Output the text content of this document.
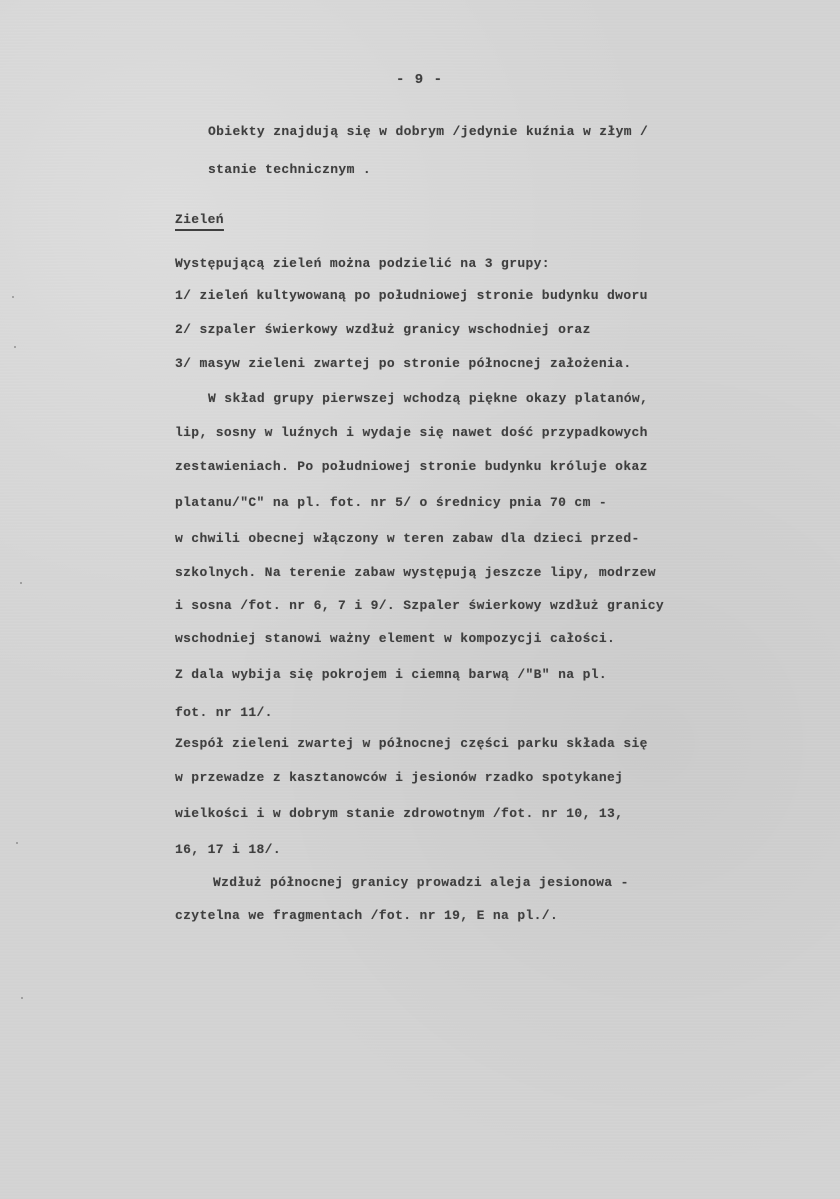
- 9 -
Obiekty znajdują się w dobrym /jedynie kuźnia w złym /
stanie technicznym .
Zieleń
Występującą zieleń można podzielić na 3 grupy:
1/ zieleń kultywowaną po południowej stronie budynku dworu
2/ szpaler świerkowy wzdłuż granicy wschodniej oraz
3/ masyw zieleni zwartej po stronie północnej założenia.
W skład grupy pierwszej wchodzą piękne okazy platanów,
lip, sosny w luźnych i wydaje się nawet dość przypadkowych
zestawieniach. Po południowej stronie budynku króluje okaz
platanu/"C" na pl. fot. nr 5/ o średnicy pnia 70 cm -
w chwili obecnej włączony w teren zabaw dla dzieci przed-
szkolnych. Na terenie zabaw występują jeszcze lipy, modrzew
i sosna /fot. nr 6, 7 i 9/. Szpaler świerkowy wzdłuż granicy
wschodniej stanowi ważny element w kompozycji całości.
Z dala wybija się pokrojem i ciemną barwą /"B" na pl.
fot. nr 11/.
Zespół zieleni zwartej w północnej części parku składa się
w przewadze z kasztanowców i jesionów rzadko spotykanej
wielkości i w dobrym stanie zdrowotnym /fot. nr 10, 13,
16, 17 i 18/.
Wzdłuż północnej granicy prowadzi aleja jesionowa -
czytelna we fragmentach /fot. nr 19, E na pl./.
